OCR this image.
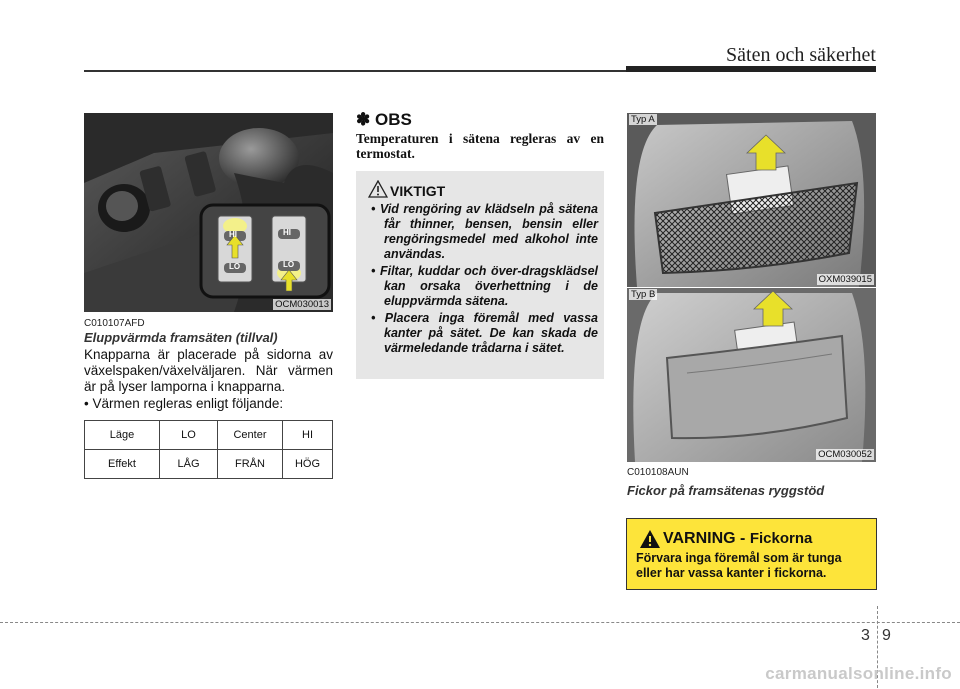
Säten och säkerhet
HI
LO
HI
LO
OCM030013
C010107AFD
Eluppvärmda framsäten (tillval)
Knapparna är placerade på sidorna av växelspaken/växelväljaren. När värmen är på lyser lamporna i knapparna.
• Värmen regleras enligt följande:
Läge	LO	Center	HI
Effekt	LÅG	FRÅN	HÖG
✽ OBS
Temperaturen i sätena regleras av en termostat.
VIKTIGT
• Vid rengöring av klädseln på sätena får thinner, bensen, bensin eller rengöringsmedel med alkohol inte användas.
• Filtar, kuddar och över-dragsklädsel kan orsaka överhettning i de eluppvärmda sätena.
• Placera inga föremål med vassa kanter på sätet. De kan skada de värmeledande trådarna i sätet.
Typ A
OXM039015
Typ B
OCM030052
C010108AUN
Fickor på framsätenas ryggstöd
VARNING - Fickorna
Förvara inga föremål som är tunga eller har vassa kanter i fickorna.
3 9
carmanualsonline.info
